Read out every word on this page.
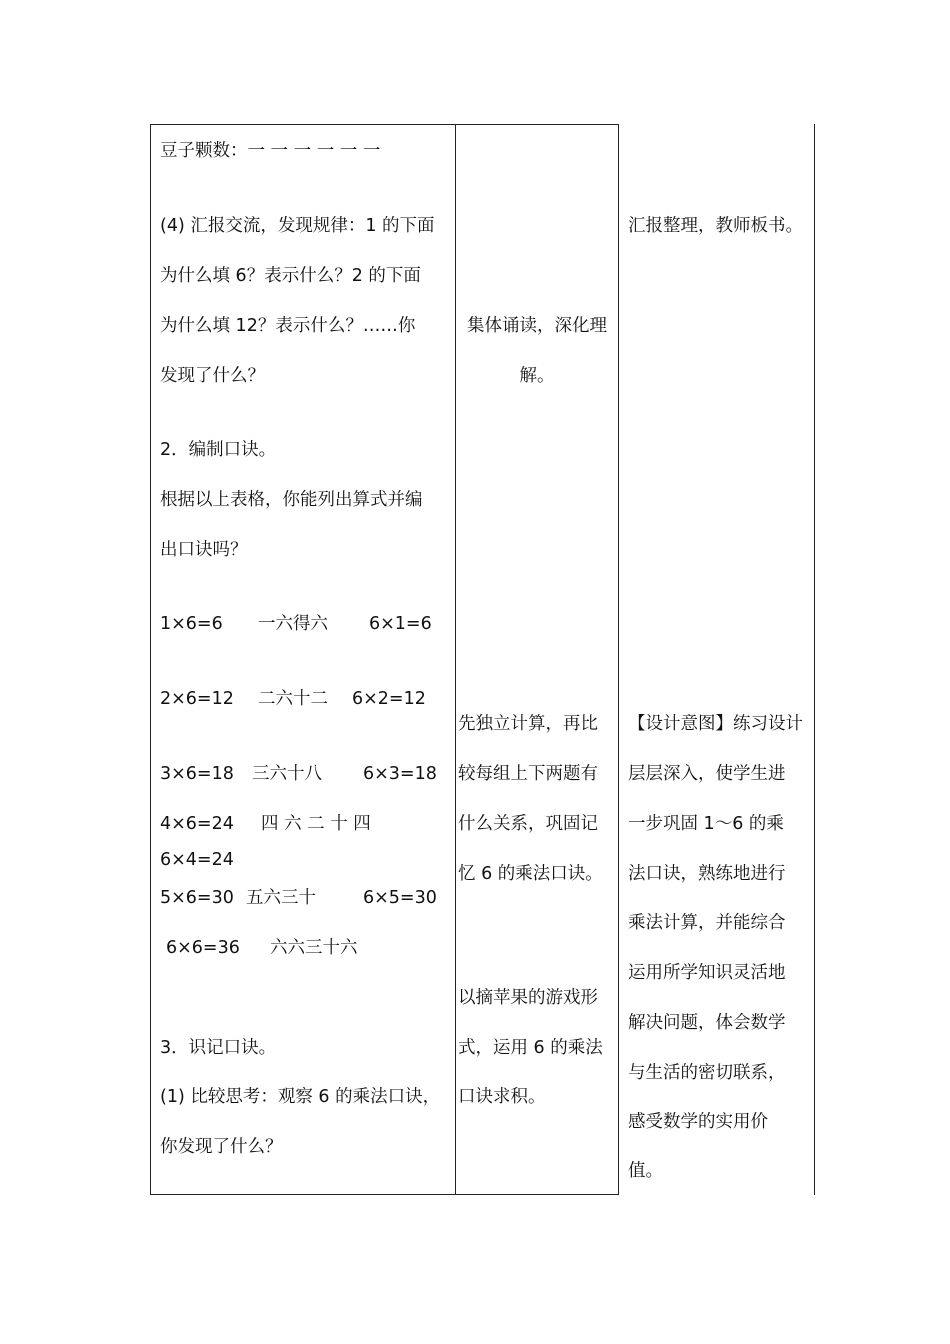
豆子颗数：一 一 一 一 一 一
(4) 汇报交流，发现规律：1 的下面
为什么填 6？表示什么？2 的下面
为什么填 12？表示什么？……你
发现了什么？
2．编制口诀。
根据以上表格，你能列出算式并编
出口诀吗？
1×6=6 一六得六 6×1=6
2×6=12 二六十二 6×2=12
3×6=18 三六十八 6×3=18
4×6=24 四 六 二 十 四
6×4=24
5×6=30 五六三十	6×5=30
6×6=36 六六三十六
3．识记口诀。
(1) 比较思考：观察 6 的乘法口诀，
你发现了什么？
集体诵读，深化理
解。
先独立计算，再比
较每组上下两题有
什么关系，巩固记
忆 6 的乘法口诀。
以摘苹果的游戏形
式，运用 6 的乘法
口诀求积。
汇报整理，教师板书。
【设计意图】练习设计
层层深入，使学生进
一步巩固 1～6 的乘
法口诀，熟练地进行
乘法计算，并能综合
运用所学知识灵活地
解决问题，体会数学
与生活的密切联系，
感受数学的实用价
值。
